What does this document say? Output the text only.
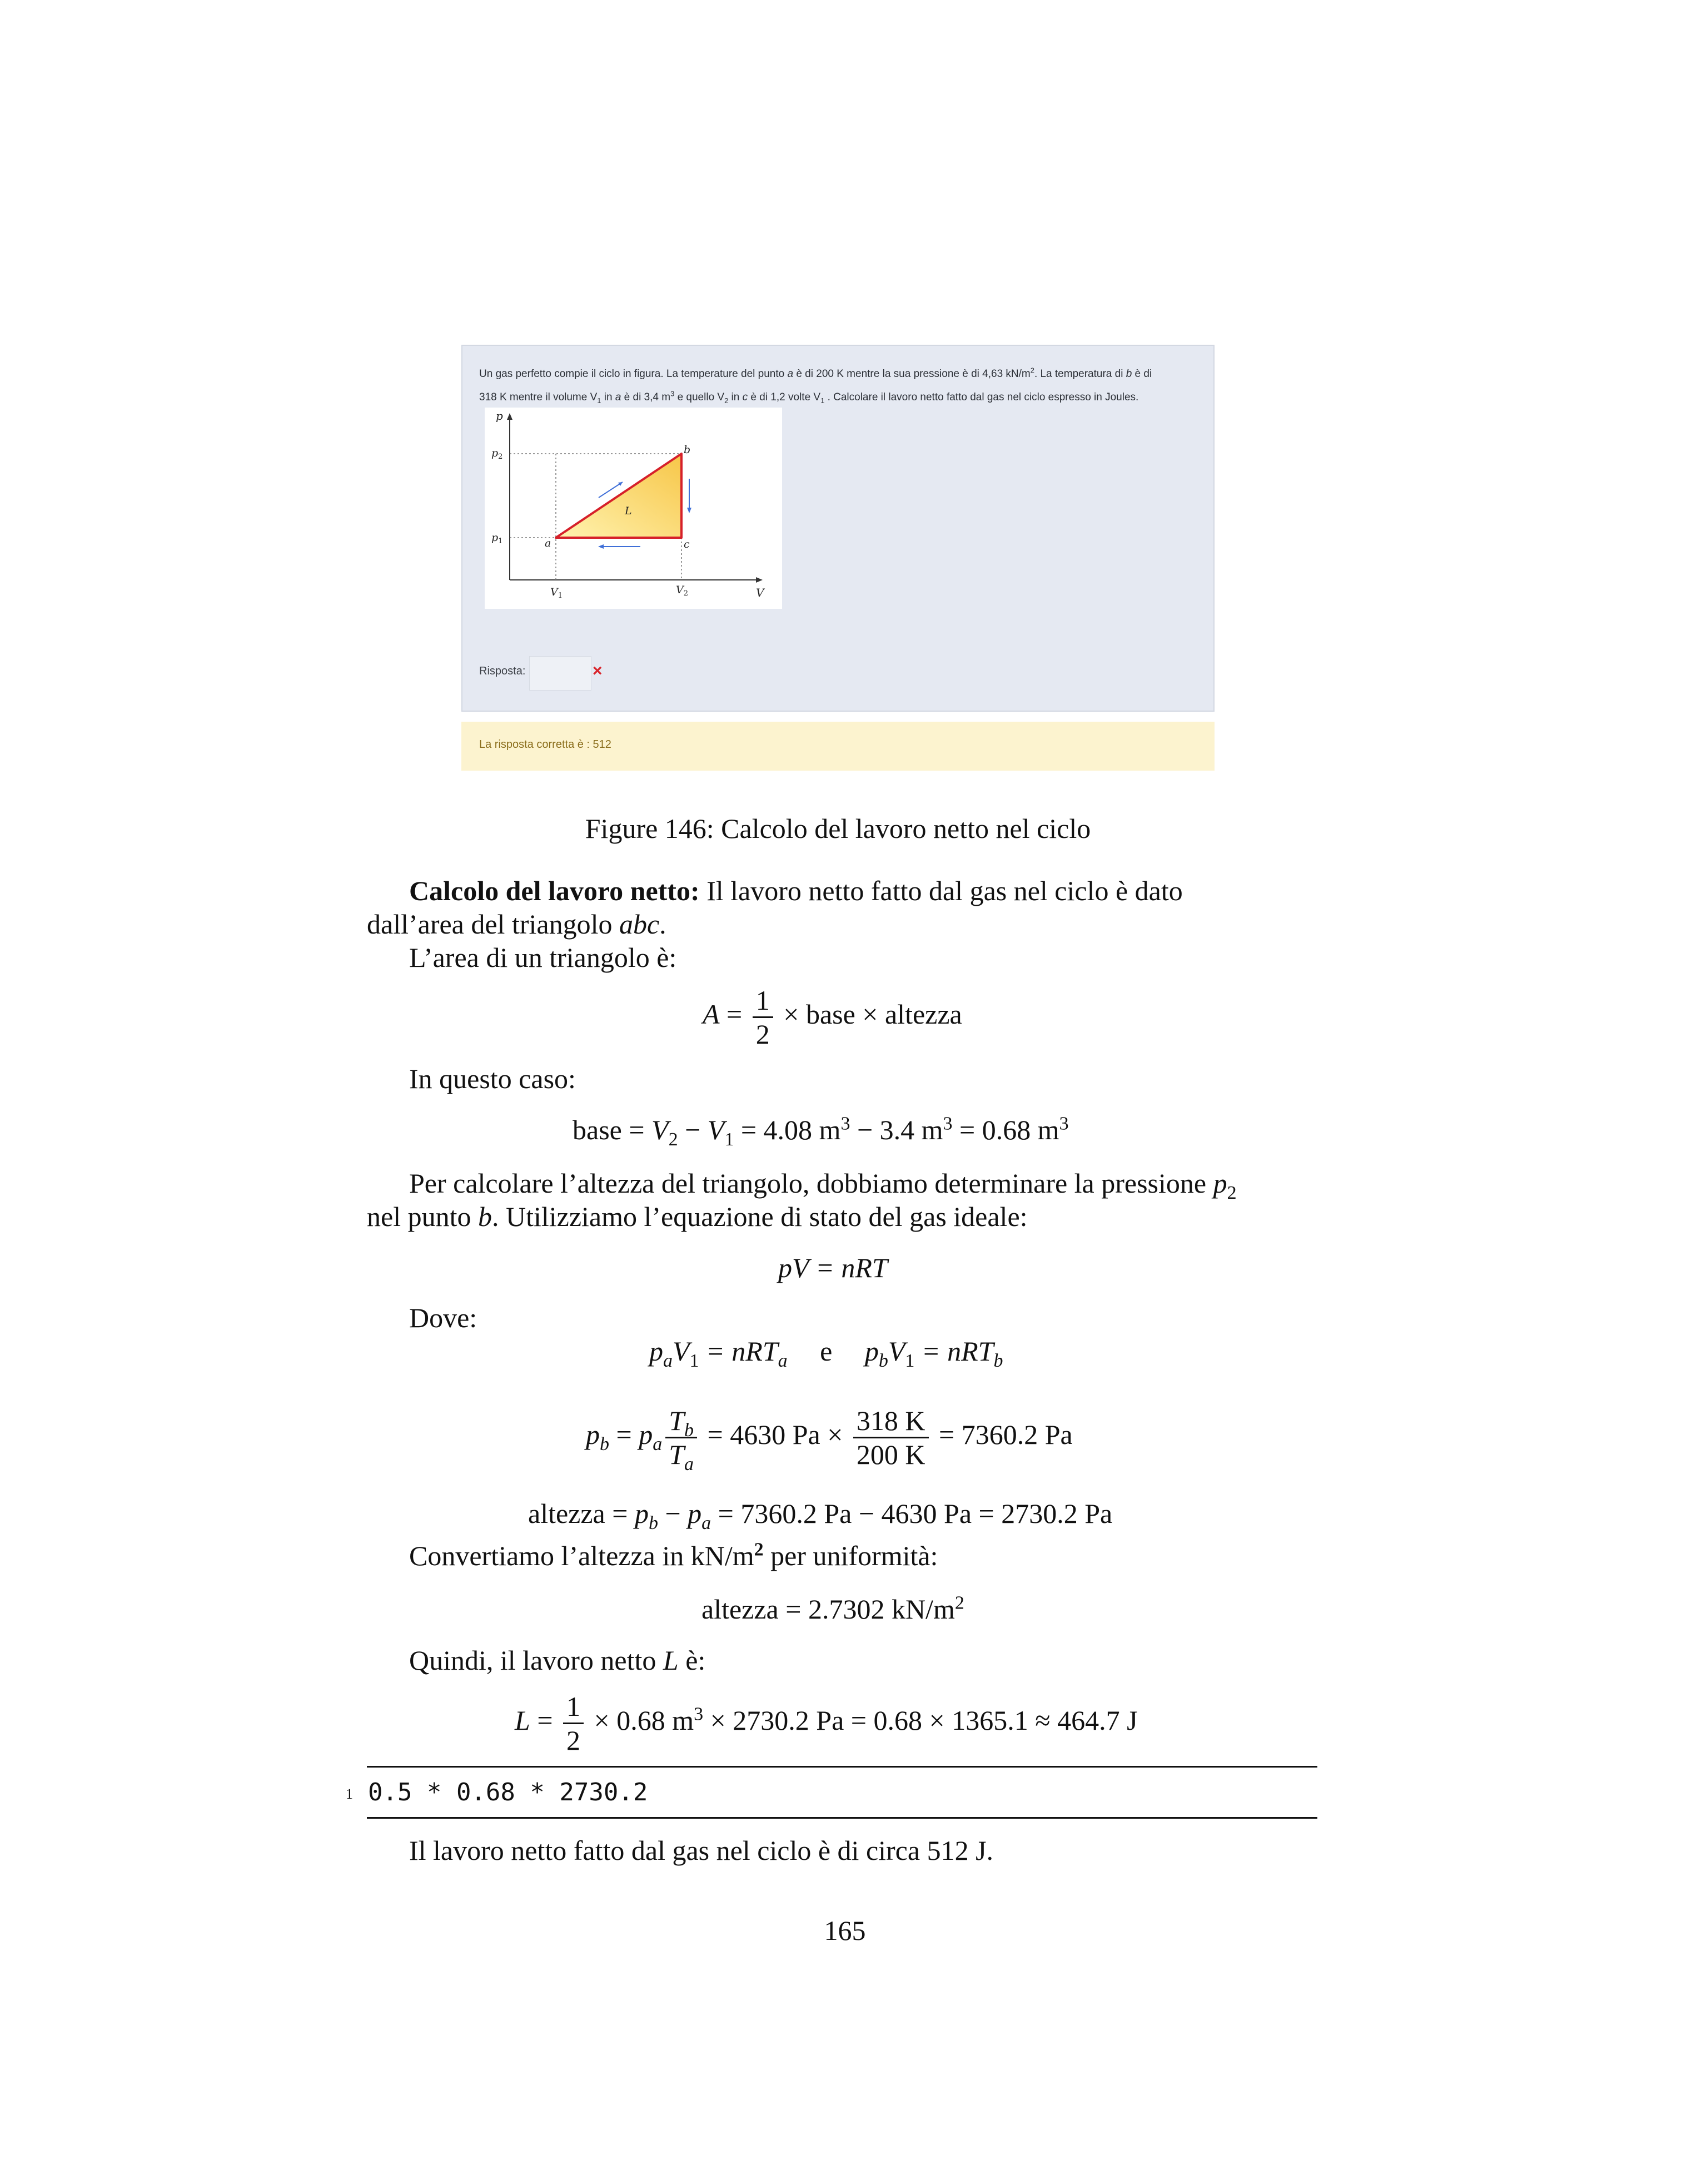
Un gas perfetto compie il ciclo in figura. La temperature del punto a è di 200 K mentre la sua pressione è di 4,63 $kN/m^2$. La temperatura di b è di
318 K mentre il volume $V_1$ in a è di 3,4 $m^3$ e quello $V_2$ in c è di 1,2 volte $V_1$ . Calcolare il lavoro netto fatto dal gas nel ciclo espresso in Joules.
p
V
$p_2$
$p_1$
$V_1$	$V_2$
a
b
c
L
Risposta:	×
La risposta corretta è : 512
Figure 146: Calcolo del lavoro netto nel ciclo
Calcolo del lavoro netto: Il lavoro netto fatto dal gas nel ciclo è dato
dall’area del triangolo abc.
L’area di un triangolo è:
$A = \frac{1}{2}$ × base × altezza
In questo caso:
base = $V_2 - V_1 = 4.08$ $m^3 - 3.4$ $m^3 = 0.68$ $m^3$
Per calcolare l’altezza del triangolo, dobbiamo determinare la pressione $p_2$
nel punto b. Utilizziamo l’equazione di stato del gas ideale:
pV = nRT
Dove:
$p_aV_1 = nRT_a$ e $p_bV_1 = nRT_b$
$p_b = p_a \frac{T_b}{T_a} = 4630$ $Pa \times \frac{318 K}{200 K} = 7360.2$ Pa
altezza = $p_b - p_a = 7360.2$ Pa − 4630 Pa = 2730.2 Pa
Convertiamo l’altezza in $kN/m^2$ per uniformità:
altezza = 2.7302 $kN/m^2$
Quindi, il lavoro netto L è:
$L = \frac{1}{2} \times 0.68$ $m^3 \times 2730.2$ Pa = 0.68 × 1365.1 ≈ 464.7 J
1 0.5 * 0.68 * 2730.2
Il lavoro netto fatto dal gas nel ciclo è di circa 512 J.
165
